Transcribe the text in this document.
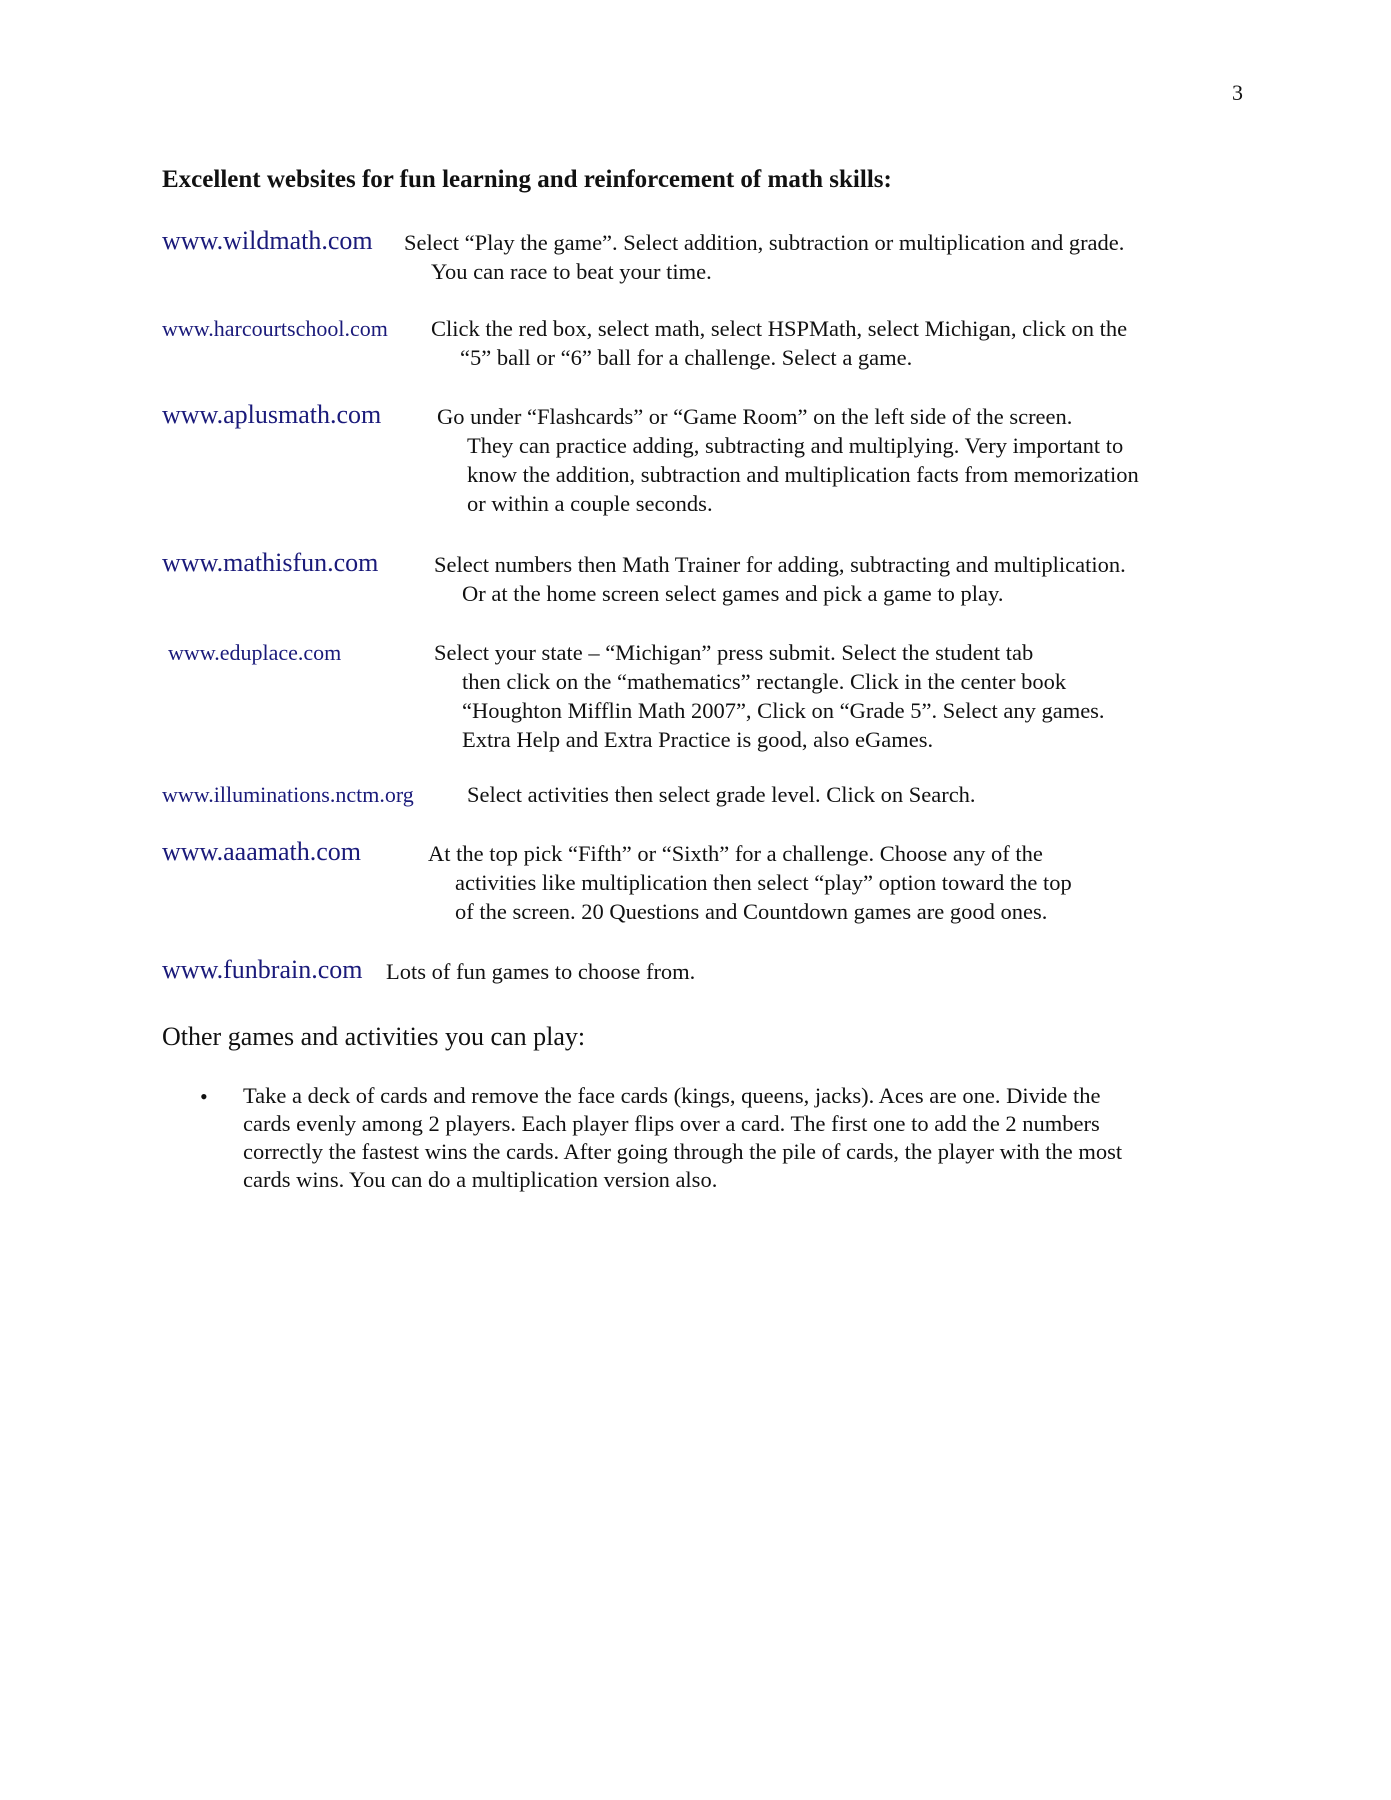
3
Excellent websites for fun learning and reinforcement of math skills:
www.wildmath.com Select “Play the game”. Select addition, subtraction or multiplication and grade.
You can race to beat your time.
www.harcourtschool.com Click the red box, select math, select HSPMath, select Michigan, click on the
“5” ball or “6” ball for a challenge. Select a game.
www.aplusmath.com Go under “Flashcards” or “Game Room” on the left side of the screen.
They can practice adding, subtracting and multiplying. Very important to
know the addition, subtraction and multiplication facts from memorization
or within a couple seconds.
www.mathisfun.com Select numbers then Math Trainer for adding, subtracting and multiplication.
Or at the home screen select games and pick a game to play.
www.eduplace.com	Select your state – “Michigan” press submit. Select the student tab
then click on the “mathematics” rectangle. Click in the center book
“Houghton Mifflin Math 2007”, Click on “Grade 5”. Select any games.
Extra Help and Extra Practice is good, also eGames.
www.illuminations.nctm.org Select activities then select grade level. Click on Search.
www.aaamath.com	At the top pick “Fifth” or “Sixth” for a challenge. Choose any of the
activities like multiplication then select “play” option toward the top
of the screen. 20 Questions and Countdown games are good ones.
www.funbrain.com Lots of fun games to choose from.
Other games and activities you can play:
• Take a deck of cards and remove the face cards (kings, queens, jacks). Aces are one. Divide the
cards evenly among 2 players. Each player flips over a card. The first one to add the 2 numbers
correctly the fastest wins the cards. After going through the pile of cards, the player with the most
cards wins. You can do a multiplication version also.
